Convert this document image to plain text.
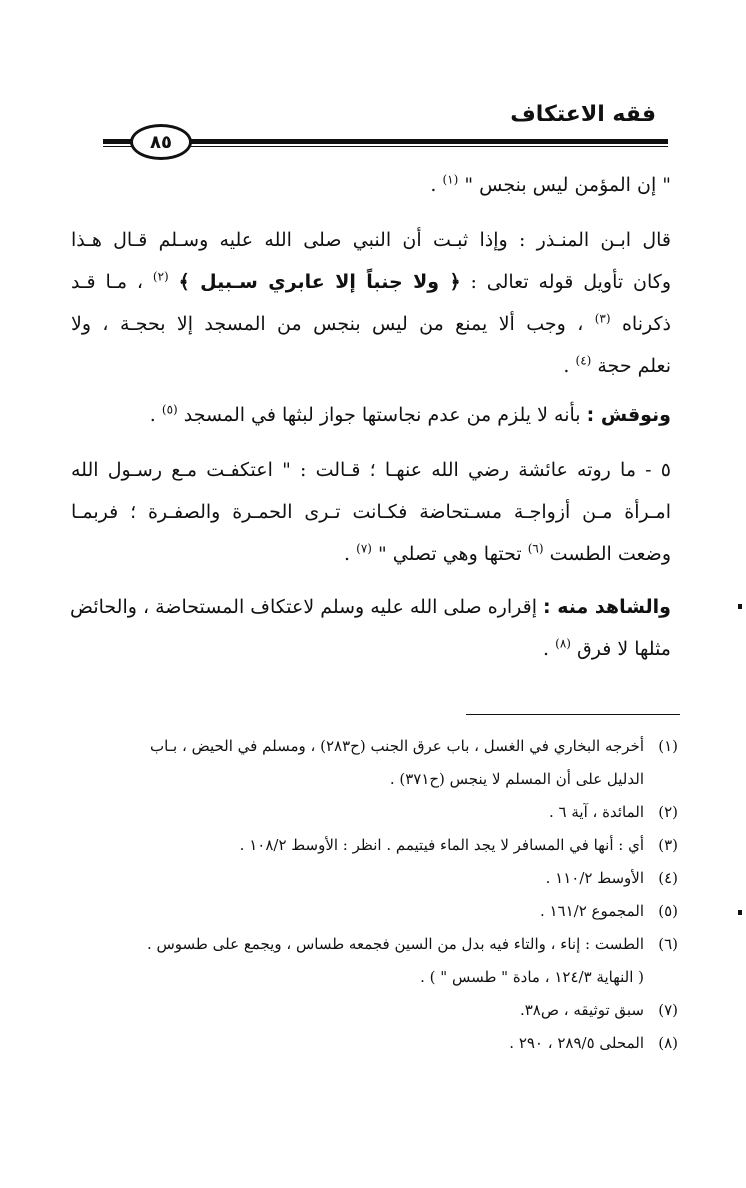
فقه الاعتكاف
٨٥
" إن المؤمن ليس بنجس " $^{(١)}$ .
قال ابـن المنـذر : وإذا ثبـت أن النبي صلى الله عليه وسـلم قـال هـذا
وكان تأويل قوله تعالى : ﴿ ولا جنباً إلا عابري سـبيل ﴾ $^{(٢)}$ ، مـا قـد
ذكرناه $^{(٣)}$ ، وجب ألا يمنع من ليس بنجس من المسجد إلا بحجـة ، ولا
نعلم حجة $^{(٤)}$ .
ونوقش : بأنه لا يلزم من عدم نجاستها جواز لبثها في المسجد $^{(٥)}$ .
٥ - ما روته عائشة رضي الله عنهـا ؛ قـالت : " اعتكفـت مـع رسـول الله
امـرأة مـن أزواجـة مسـتحاضة فكـانت تـرى الحمـرة والصفـرة ؛ فربمـا
وضعت الطست $^{(٦)}$ تحتها وهي تصلي " $^{(٧)}$ .
والشاهد منه : إقراره صلى الله عليه وسلم لاعتكاف المستحاضة ، والحائض
مثلها لا فرق $^{(٨)}$ .
(١)أخرجه البخاري في الغسل ، باب عرق الجنب (ح٢٨٣) ، ومسلم في الحيض ، بـاب
الدليل على أن المسلم لا ينجس (ح٣٧١) .
(٢)المائدة ، آية ٦ .
(٣)أي : أنها في المسافر لا يجد الماء فيتيمم . انظر : الأوسط ١٠٨/٢ .
(٤)الأوسط ١١٠/٢ .
(٥)المجموع ١٦١/٢ .
(٦)الطست : إناء ، والتاء فيه بدل من السين فجمعه طساس ، ويجمع على طسوس .
( النهاية ١٢٤/٣ ، مادة " طسس " ) .
(٧)سبق توثيقه ، ص٣٨.
(٨)المحلى ٢٨٩/٥ ، ٢٩٠ .
